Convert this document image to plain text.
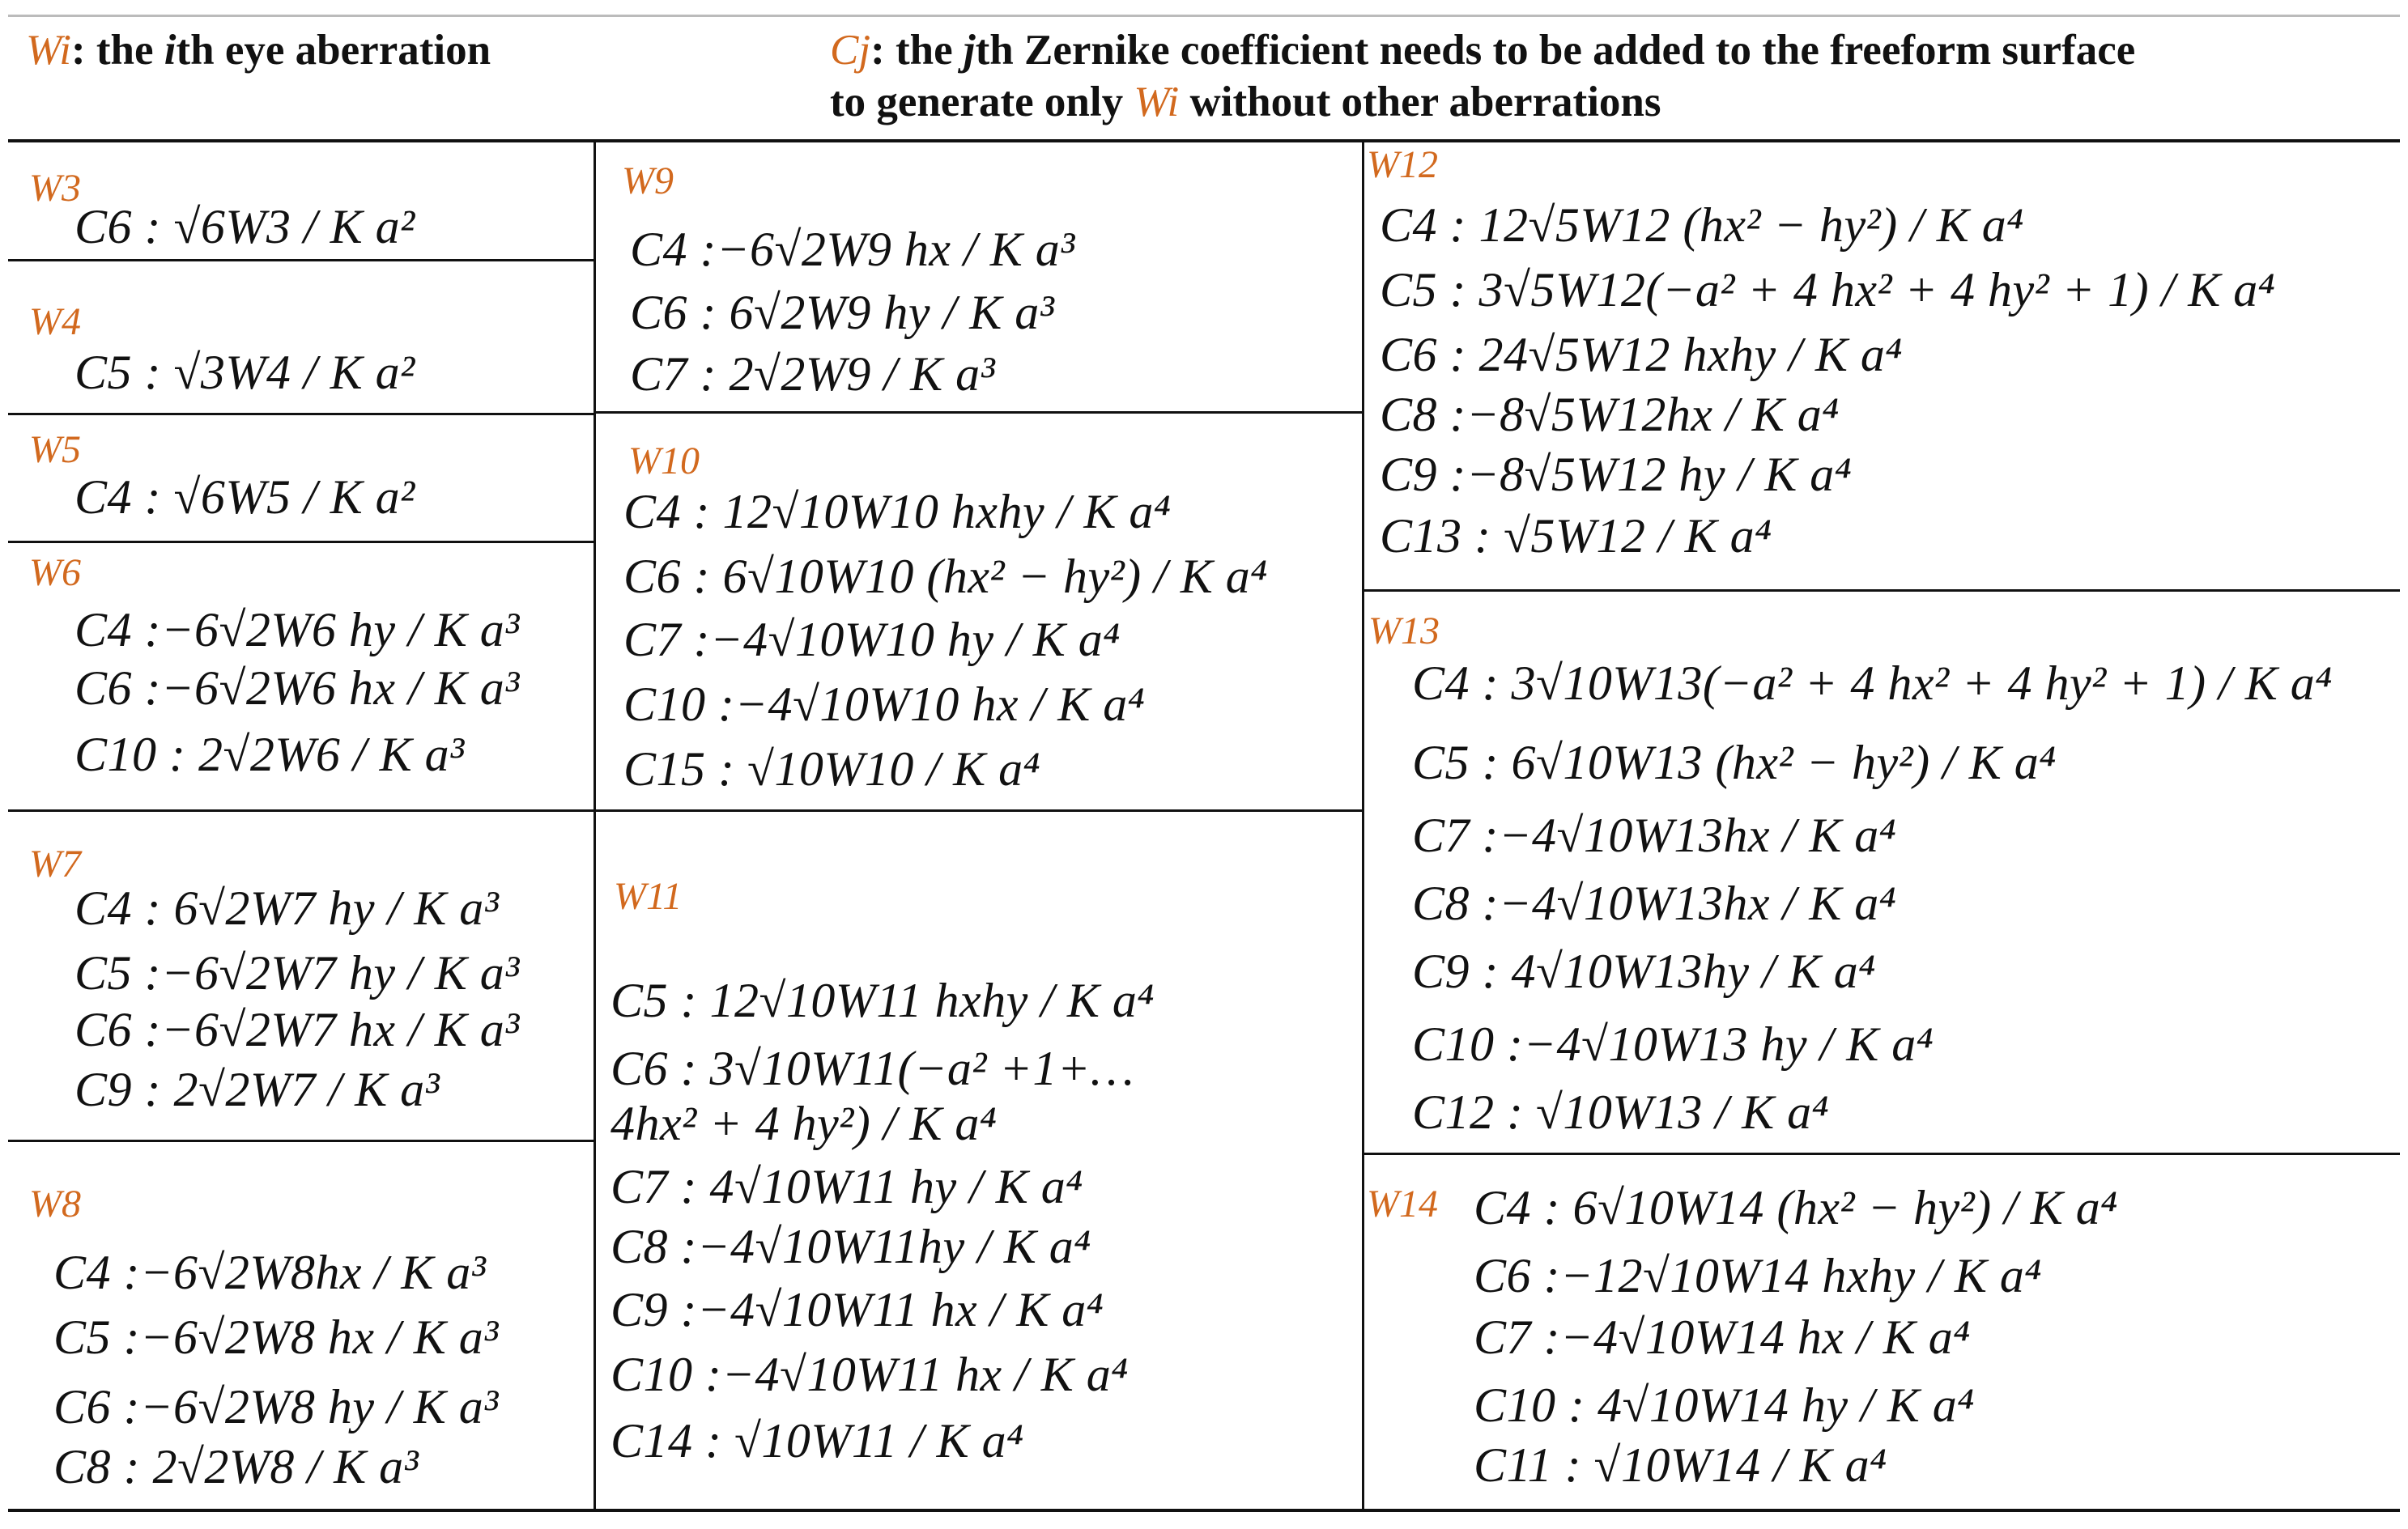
Wi: the ith eye aberration	Cj: the jth Zernike coefficient needs to be added to the freeform surface
to generate only Wi without other aberrations
W3
C6 : √6W3 / K a²
W4
C5 : √3W4 / K a²
W5
C4 : √6W5 / K a²
W6
C4 :−6√2W6 hy / K a³
C6 :−6√2W6 hx / K a³
C10 : 2√2W6 / K a³
W7
C4 : 6√2W7 hy / K a³
C5 :−6√2W7 hy / K a³
C6 :−6√2W7 hx / K a³
C9 : 2√2W7 / K a³
W8
C4 :−6√2W8hx / K a³
C5 :−6√2W8 hx / K a³
C6 :−6√2W8 hy / K a³
C8 : 2√2W8 / K a³
W9
C4 :−6√2W9 hx / K a³
C6 : 6√2W9 hy / K a³
C7 : 2√2W9 / K a³
W10
C4 : 12√10W10 hxhy / K a⁴
C6 : 6√10W10 (hx² − hy²) / K a⁴
C7 :−4√10W10 hy / K a⁴
C10 :−4√10W10 hx / K a⁴
C15 : √10W10 / K a⁴
W11
C5 : 12√10W11 hxhy / K a⁴
C6 : 3√10W11(−a² +1+…
4hx² + 4 hy²) / K a⁴
C7 : 4√10W11 hy / K a⁴
C8 :−4√10W11hy / K a⁴
C9 :−4√10W11 hx / K a⁴
C10 :−4√10W11 hx / K a⁴
C14 : √10W11 / K a⁴
W12
C4 : 12√5W12 (hx² − hy²) / K a⁴
C5 : 3√5W12(−a² + 4 hx² + 4 hy² + 1) / K a⁴
C6 : 24√5W12 hxhy / K a⁴
C8 :−8√5W12hx / K a⁴
C9 :−8√5W12 hy / K a⁴
C13 : √5W12 / K a⁴
W13
C4 : 3√10W13(−a² + 4 hx² + 4 hy² + 1) / K a⁴
C5 : 6√10W13 (hx² − hy²) / K a⁴
C7 :−4√10W13hx / K a⁴
C8 :−4√10W13hx / K a⁴
C9 : 4√10W13hy / K a⁴
C10 :−4√10W13 hy / K a⁴
C12 : √10W13 / K a⁴
W14 C4 : 6√10W14 (hx² − hy²) / K a⁴
C6 :−12√10W14 hxhy / K a⁴
C7 :−4√10W14 hx / K a⁴
C10 : 4√10W14 hy / K a⁴
C11 : √10W14 / K a⁴
